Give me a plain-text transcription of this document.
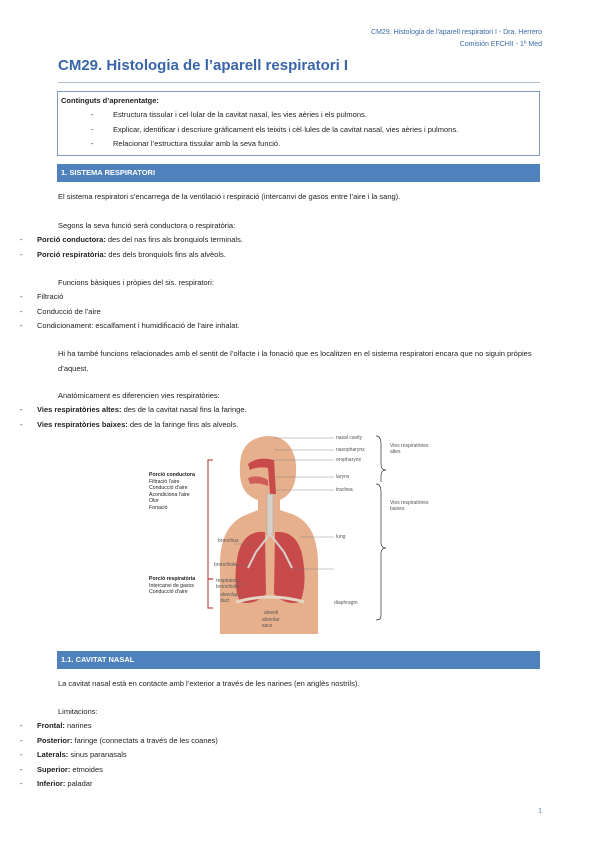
CM29. Histologia de l'aparell respiratori I - Dra. Herrero
Comisión EFCHII - 1º Med
CM29. Histologia de l’aparell respiratori I
Continguts d’aprenentatge:
- Estructura tissular i cel·lular de la cavitat nasal, les vies aèries i els pulmons.
- Explicar, identificar i descriure gràficament els teixits i cèl·lules de la cavitat nasal, vies aèries i pulmons.
- Relacionar l’estructura tissular amb la seva funció.
1. SISTEMA RESPIRATORI
El sistema respiratori s’encarrega de la ventilació i respiració (intercanvi de gasos entre l’aire i la sang).
Segons la seva funció serà conductora o respiratòria:
- Porció conductora: des del nas fins als bronquiols terminals.
- Porció respiratòria: des dels bronquiols fins als alvèols.
Funcions bàsiques i pròpies del sis. respiratori:
- Filtració
- Conducció de l’aire
- Condicionament: escalfament i humidificació de l’aire inhalat.
Hi ha també funcions relacionades amb el sentit de l’olfacte i la fonació que es localitzen en el sistema respiratori encara que no siguin pròpies d’aquest.
Anatòmicament es diferencien vies respiratòries:
- Vies respiratòries altes: des de la cavitat nasal fins la faringe.
- Vies respiratòries baixes: des de la faringe fins als alveols.
Porció conductora
Filtració l’aire
Conducció d’aire
Acondiciona l’aire
Olor
Fonació
Porció respiratòria
Intercanvi de gasos
Conducció d’aire
nasal cavity
nasopharynx
oropharynx
larynx
trachea
bronchus
bronchiole
lung
respiratory
bronchiole
alveolar
duct
alveoli
alveolar
sacs
diaphragm
Vies respiratòries
altes
Vies respiratòries
baixes
1.1. CAVITAT NASAL
La cavitat nasal està en contacte amb l’exterior a través de les narines (en anglès nostrils).
Limitacions:
- Frontal: narines
- Posterior: faringe (connectats a través de les coanes)
- Laterals: sinus paranasals
- Superior: etmoides
- Inferior: paladar
1
